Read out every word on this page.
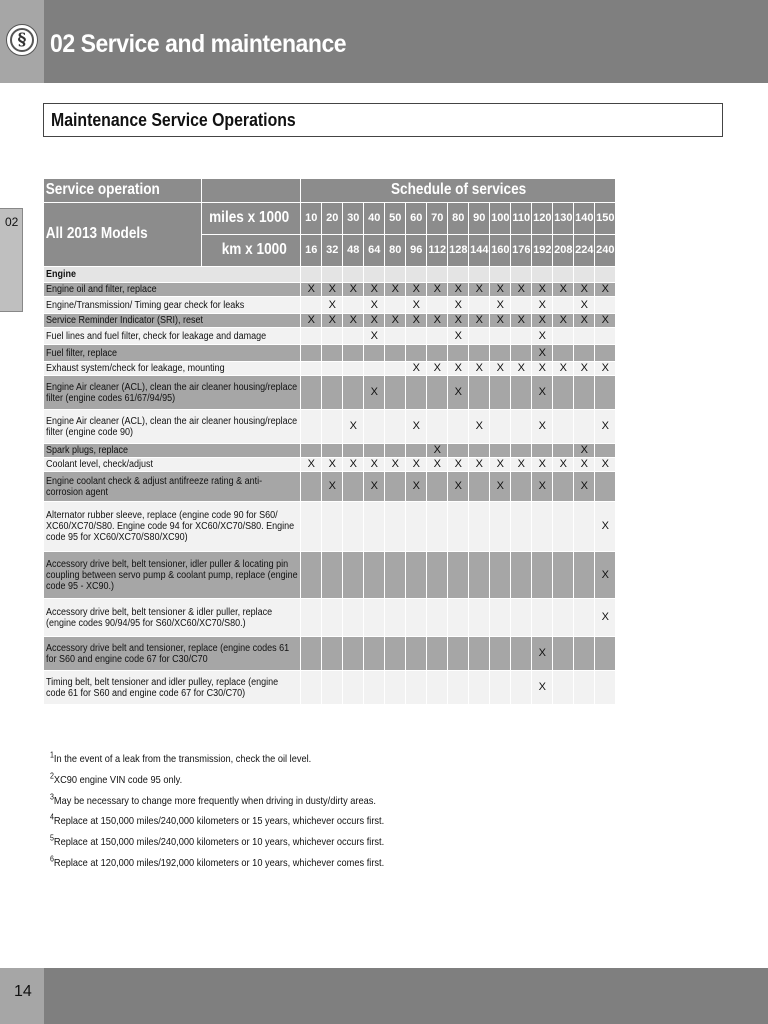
§ 02 Service and maintenance
Maintenance Service Operations
02
Service operation		Schedule of services														
All 2013 Models	miles x 1000	10	20	30	40	50	60	70	80	90	100	110	120	130	140	150
	km x 1000	16	32	48	64	80	96	112	128	144	160	176	192	208	224	240
Engine																
Engine oil and filter, replace		X	X	X	X	X	X	X	X	X	X	X	X	X	X	X
Engine/Transmission/ Timing gear check for leaks			X		X		X		X		X		X		X	
Service Reminder Indicator (SRI), reset		X	X	X	X	X	X	X	X	X	X	X	X	X	X	X
Fuel lines and fuel filter, check for leakage and damage					X				X				X			
Fuel filter, replace													X			
Exhaust system/check for leakage, mounting							X	X	X	X	X	X	X	X	X	X
Engine Air cleaner (ACL), clean the air cleaner housing/replace filter (engine codes 61/67/94/95)					X				X				X			
Engine Air cleaner (ACL), clean the air cleaner housing/replace filter (engine code 90)				X			X			X			X			X
Spark plugs, replace								X							X	
Coolant level, check/adjust		X	X	X	X	X	X	X	X	X	X	X	X	X	X	X
Engine coolant check & adjust antifreeze rating & anti-corrosion agent			X		X		X		X		X		X		X	
Alternator rubber sleeve, replace (engine code 90 for S60/ XC60/XC70/S80. Engine code 94 for XC60/XC70/S80. Engine code 95 for XC60/XC70/S80/XC90)																X
Accessory drive belt, belt tensioner, idler puller & locating pin coupling between servo pump & coolant pump, replace (engine code 95 - XC90.)																X
Accessory drive belt, belt tensioner & idler puller, replace (engine codes 90/94/95 for S60/XC60/XC70/S80.)																X
Accessory drive belt and tensioner, replace (engine codes 61 for S60 and engine code 67 for C30/C70													X			
Timing belt, belt tensioner and idler pulley, replace (engine code 61 for S60 and engine code 67 for C30/C70)													X			
$^1$In the event of a leak from the transmission, check the oil level.
$^2$XC90 engine VIN code 95 only.
$^3$May be necessary to change more frequently when driving in dusty/dirty areas.
$^4$Replace at 150,000 miles/240,000 kilometers or 15 years, whichever occurs first.
$^5$Replace at 150,000 miles/240,000 kilometers or 10 years, whichever occurs first.
$^6$Replace at 120,000 miles/192,000 kilometers or 10 years, whichever comes first.
14
